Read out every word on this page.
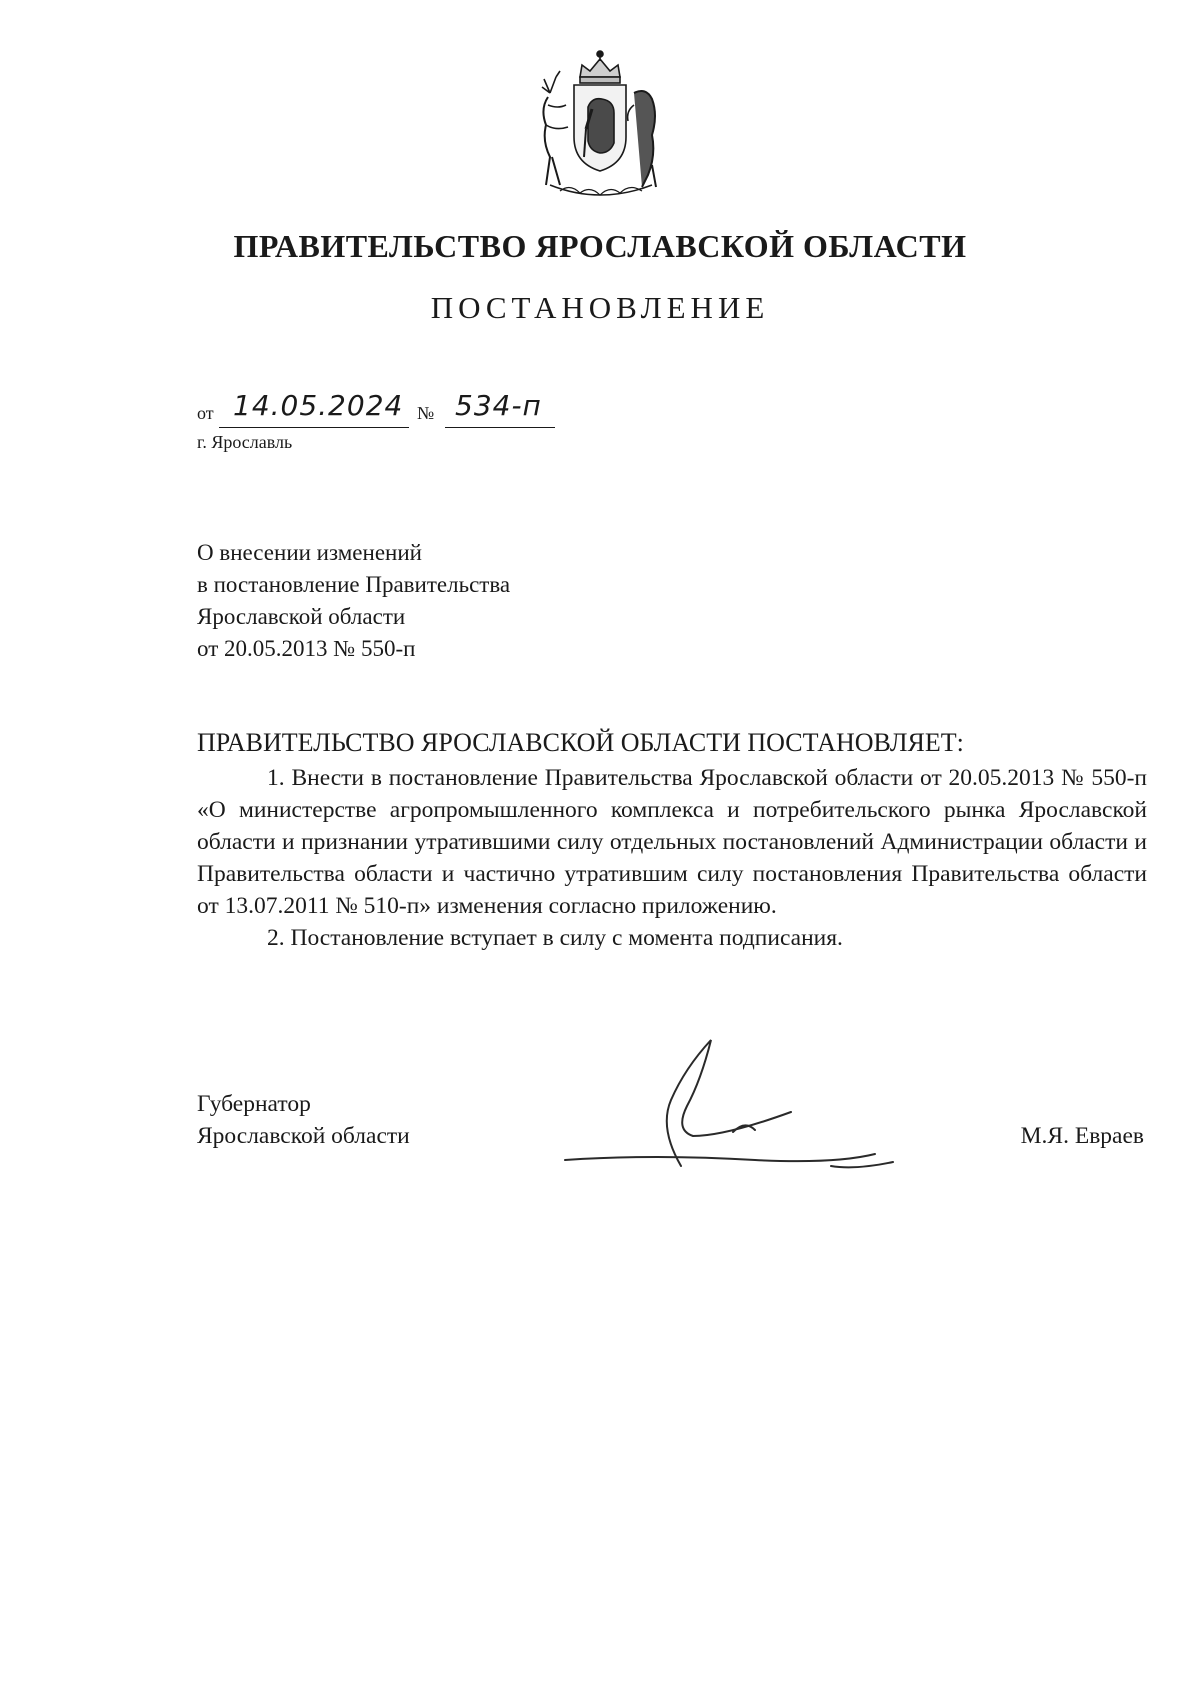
ПРАВИТЕЛЬСТВО ЯРОСЛАВСКОЙ ОБЛАСТИ
ПОСТАНОВЛЕНИЕ
от 14.05.2024 № 534-п
г. Ярославль
О внесении изменений
в постановление Правительства
Ярославской области
от 20.05.2013 № 550-п
ПРАВИТЕЛЬСТВО ЯРОСЛАВСКОЙ ОБЛАСТИ ПОСТАНОВЛЯЕТ:
1. Внести в постановление Правительства Ярославской области от 20.05.2013 № 550-п «О министерстве агропромышленного комплекса и потребительского рынка Ярославской области и признании утратившими силу отдельных постановлений Администрации области и Правительства области и частично утратившим силу постановления Правительства области от 13.07.2011 № 510-п» изменения согласно приложению.
2. Постановление вступает в силу с момента подписания.
Губернатор
Ярославской области	М.Я. Евраев
